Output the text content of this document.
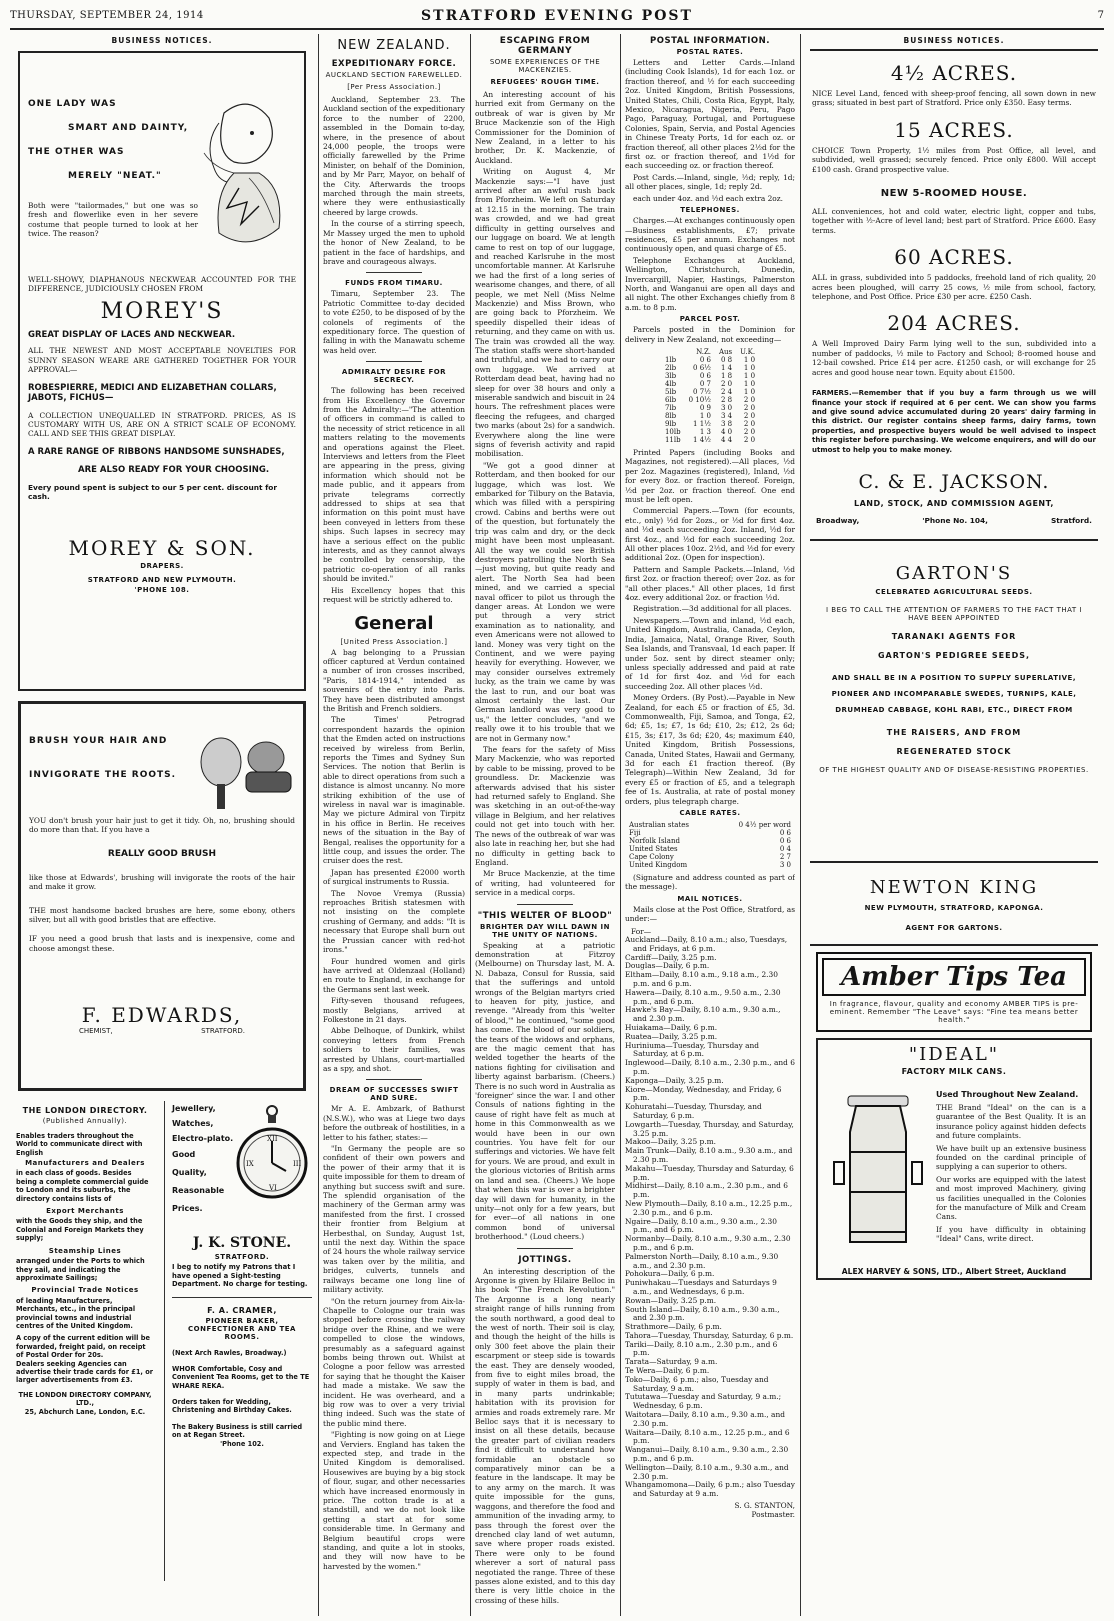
THURSDAY, SEPTEMBER 24, 1914	STRATFORD EVENING POST	7
BUSINESS NOTICES.
ONE LADY WAS
SMART AND DAINTY,
THE OTHER WAS
MERELY "NEAT."
Both were "tailormades," but one was so fresh and flowerlike even in her severe costume that people turned to look at her twice. The reason?
WELL-SHOWY, DIAPHANOUS NECKWEAR ACCOUNTED FOR THE DIFFERENCE, JUDICIOUSLY CHOSEN FROM
MOREY'S
GREAT DISPLAY OF LACES AND NECKWEAR.
ALL THE NEWEST AND MOST ACCEPTABLE NOVELTIES FOR SUNNY SEASON WEARE ARE GATHERED TOGETHER FOR YOUR APPROVAL—
ROBESPIERRE, MEDICI AND ELIZABETHAN COLLARS, JABOTS, FICHUS—
A COLLECTION UNEQUALLED IN STRATFORD. PRICES, AS IS CUSTOMARY WITH US, ARE ON A STRICT SCALE OF ECONOMY. CALL AND SEE THIS GREAT DISPLAY.
A RARE RANGE OF RIBBONS HANDSOME SUNSHADES,
ARE ALSO READY FOR YOUR CHOOSING.
Every pound spent is subject to our 5 per cent. discount for cash.
MOREY & SON.
DRAPERS.
STRATFORD AND NEW PLYMOUTH.
'PHONE 108.
BRUSH YOUR HAIR AND
INVIGORATE THE ROOTS.
YOU don't brush your hair just to get it tidy. Oh, no, brushing should do more than that. If you have a
REALLY GOOD BRUSH
like those at Edwards', brushing will invigorate the roots of the hair and make it grow.
THE most handsome backed brushes are here, some ebony, others silver, but all with good bristles that are effective.
IF you need a good brush that lasts and is inexpensive, come and choose amongst these.
F. EDWARDS,
CHEMIST,	STRATFORD.
THE LONDON DIRECTORY.
(Published Annually).
Enables traders throughout the World to communicate direct with English
Manufacturers and Dealers
in each class of goods. Besides being a complete commercial guide to London and its suburbs, the directory contains lists of
Export Merchants
with the Goods they ship, and the Colonial and Foreign Markets they supply;
Steamship Lines
arranged under the Ports to which they sail, and indicating the approximate Sailings;
Provincial Trade Notices
of leading Manufacturers, Merchants, etc., in the principal provincial towns and industrial centres of the United Kingdom.
A copy of the current edition will be forwarded, freight paid, on receipt of Postal Order for 20s.
Dealers seeking Agencies can advertise their trade cards for £1, or larger advertisements from £3.
THE LONDON DIRECTORY COMPANY, LTD.,
25, Abchurch Lane, London, E.C.
Jewellery,
Watches,
Electro-plato.
Good
Quality,
Reasonable
Prices.
XII
III
VI
IX
J. K. STONE.
STRATFORD.
I beg to notify my Patrons that I have opened a Sight-testing Department. No charge for testing.
F. A. CRAMER,
PIONEER BAKER, CONFECTIONER AND TEA ROOMS.
(Next Arch Rawles, Broadway.)
WHOR Comfortable, Cosy and Convenient Tea Rooms, get to the TE WHARE REKA.
Orders taken for Wedding, Christening and Birthday Cakes.
The Bakery Business is still carried on at Regan Street.
'Phone 102.
NEW ZEALAND.
EXPEDITIONARY FORCE.
AUCKLAND SECTION FAREWELLED.
[Per Press Association.]

Auckland, September 23. The Auckland section of the expeditionary force to the number of 2200, assembled in the Domain to-day, where, in the presence of about 24,000 people, the troops were officially farewelled by the Prime Minister, on behalf of the Dominion, and by Mr Parr, Mayor, on behalf of the City. Afterwards the troops marched through the main streets, where they were enthusiastically cheered by large crowds.

In the course of a stirring speech, Mr Massey urged the men to uphold the honor of New Zealand, to be patient in the face of hardships, and brave and courageous always.

FUNDS FROM TIMARU.

Timaru, September 23. The Patriotic Committee to-day decided to vote £250, to be disposed of by the colonels of regiments of the expeditionary force. The question of falling in with the Manawatu scheme was held over.

ADMIRALTY DESIRE FOR SECRECY.

The following has been received from His Excellency the Governor from the Admiralty:—"The attention of officers in command is called to the necessity of strict reticence in all matters relating to the movements and operations against the Fleet. Interviews and letters from the Fleet are appearing in the press, giving information which should not be made public, and it appears from private telegrams correctly addressed to ships at sea that information on this point must have been conveyed in letters from these ships. Such lapses in secrecy may have a serious effect on the public interests, and as they cannot always be controlled by censorship, the patriotic co-operation of all ranks should be invited."

His Excellency hopes that this request will be strictly adhered to.

General
[United Press Association.]

A bag belonging to a Prussian officer captured at Verdun contained a number of iron crosses inscribed, "Paris, 1814-1914," intended as souvenirs of the entry into Paris. They have been distributed amongst the British and French soldiers.

The Times' Petrograd correspondent hazards the opinion that the Emden acted on instructions received by wireless from Berlin, reports the Times and Sydney Sun Services. The notion that Berlin is able to direct operations from such a distance is almost uncanny. No more striking exhibition of the use of wireless in naval war is imaginable. May we picture Admiral von Tirpitz in his office in Berlin. He receives news of the situation in the Bay of Bengal, realises the opportunity for a little coup, and issues the order. The cruiser does the rest.

Japan has presented £2000 worth of surgical instruments to Russia.

The Novoe Vremya (Russia) reproaches British statesmen with not insisting on the complete crushing of Germany, and adds: "It is necessary that Europe shall burn out the Prussian cancer with red-hot irons."

Four hundred women and girls have arrived at Oldenzaal (Holland) en route to England, in exchange for the Germans sent last week.

Fifty-seven thousand refugees, mostly Belgians, arrived at Folkestone in 21 days.

Abbe Delhoque, of Dunkirk, whilst conveying letters from French soldiers to their families, was arrested by Uhlans, court-martialled as a spy, and shot.

DREAM OF SUCCESSES SWIFT AND SURE.

Mr A. E. Ambzark, of Bathurst (N.S.W.), who was at Liege two days before the outbreak of hostilities, in a letter to his father, states:—

"In Germany the people are so confident of their own powers and the power of their army that it is quite impossible for them to dream of anything but success swift and sure. The splendid organisation of the machinery of the German army was manifested from the first. I crossed their frontier from Belgium at Herbesthal, on Sunday, August 1st, until the next day. Within the space of 24 hours the whole railway service was taken over by the militia, and bridges, culverts, tunnels and railways became one long line of military activity.

"On the return journey from Aix-la-Chapelle to Cologne our train was stopped before crossing the railway bridge over the Rhine, and we were compelled to close the windows, presumably as a safeguard against bombs being thrown out. Whilst at Cologne a poor fellow was arrested for saying that he thought the Kaiser had made a mistake. We saw the incident. He was overheard, and a big row was to over a very trivial thing indeed. Such was the state of the public mind there.

"Fighting is now going on at Liege and Verviers. England has taken the expected step, and trade in the United Kingdom is demoralised. Housewives are buying by a big stock of flour, sugar, and other necessaries which have increased enormously in price. The cotton trade is at a standstill, and we do not look like getting a start at for some considerable time. In Germany and Belgium beautiful crops were standing, and quite a lot in stooks, and they will now have to be harvested by the women."

ESCAPING FROM GERMANY
SOME EXPERIENCES OF THE MACKENZIES.
REFUGEES' ROUGH TIME.

An interesting account of his hurried exit from Germany on the outbreak of war is given by Mr Bruce Mackenzie son of the High Commissioner for the Dominion of New Zealand, in a letter to his brother, Dr. K. Mackenzie, of Auckland.

Writing on August 4, Mr Mackenzie says:—"I have just arrived after an awful rush back from Pforzheim. We left on Saturday at 12.15 in the morning. The train was crowded, and we had great difficulty in getting ourselves and our luggage on board. We at length came to rest on top of our luggage, and reached Karlsruhe in the most uncomfortable manner. At Karlsruhe we had the first of a long series of wearisome changes, and there, of all people, we met Nell (Miss Nelme Mackenzie) and Miss Brown, who are going back to Pforzheim. We speedily dispelled their ideas of returning, and they came on with us. The train was crowded all the way. The station staffs were short-handed and truthful, and we had to carry our own luggage. We arrived at Rotterdam dead beat, having had no sleep for over 38 hours and only a miserable sandwich and biscuit in 24 hours. The refreshment places were fleecing the refugees, and charged two marks (about 2s) for a sandwich. Everywhere along the line were signs of feverish activity and rapid mobilisation.

"We got a good dinner at Rotterdam, and then booked for our luggage, which was lost. We embarked for Tilbury on the Batavia, which was filled with a perspiring crowd. Cabins and berths were out of the question, but fortunately the trip was calm and dry, or the deck might have been most unpleasant. All the way we could see British destroyers patrolling the North Sea—just moving, but quite ready and alert. The North Sea had been mined, and we carried a special naval officer to pilot us through the danger areas. At London we were put through a very strict examination as to nationality, and even Americans were not allowed to land. Money was very tight on the Continent, and we were paying heavily for everything. However, we may consider ourselves extremely lucky, as the train we came by was the last to run, and our boat was almost certainly the last. Our German landlord was very good to us," the letter concludes, "and we really owe it to his trouble that we are not in Germany now."

The fears for the safety of Miss Mary Mackenzie, who was reported by cable to be missing, proved to be groundless. Dr. Mackenzie was afterwards advised that his sister had returned safely to England. She was sketching in an out-of-the-way village in Belgium, and her relatives could not get into touch with her. The news of the outbreak of war was also late in reaching her, but she had no difficulty in getting back to England.

Mr Bruce Mackenzie, at the time of writing, had volunteered for service in a medical corps.

"THIS WELTER OF BLOOD"
BRIGHTER DAY WILL DAWN IN THE UNITY OF NATIONS.

Speaking at a patriotic demonstration at Fitzroy (Melbourne) on Thursday last, M. A. N. Dabaza, Consul for Russia, said that the sufferings and untold wrongs of the Belgian martyrs cried to heaven for pity, justice, and revenge. "Already from this 'welter of blood,'" he continued, "some good has come. The blood of our soldiers, the tears of the widows and orphans, are the magic cement that has welded together the hearts of the nations fighting for civilisation and liberty against barbarism. (Cheers.) There is no such word in Australia as 'foreigner' since the war. I and other Consuls of nations fighting in the cause of right have felt as much at home in this Commonwealth as we would have been in our own countries. You have felt for our sufferings and victories. We have felt for yours. We are proud, and exult in the glorious victories of British arms on land and sea. (Cheers.) We hope that when this war is over a brighter day will dawn for humanity, in the unity—not only for a few years, but for ever—of all nations in one common bond of universal brotherhood." (Loud cheers.)

JOTTINGS.

An interesting description of the Argonne is given by Hilaire Belloc in his book "The French Revolution." The Argonne is a long nearly straight range of hills running from the south northward, a good deal to the west of north. Their soil is clay, and though the height of the hills is only 300 feet above the plain their escarpment or steep side is towards the east. They are densely wooded, from five to eight miles broad, the supply of water in them is bad, and in many parts undrinkable; habitation with its provision for armies and roads extremely rare. Mr Belloc says that it is necessary to insist on all these details, because the greater part of civilian readers find it difficult to understand how formidable an obstacle so comparatively minor can be a feature in the landscape. It may be to any army on the march. It was quite impossible for the guns, waggons, and therefore the food and ammunition of the invading army, to pass through the forest over the drenched clay land of wet autumn, save where proper roads existed. There were only to be found wherever a sort of natural pass negotiated the range. Three of these passes alone existed, and to this day there is very little choice in the crossing of these hills.

POSTAL INFORMATION.
POSTAL RATES.

Letters and Letter Cards.—Inland (including Cook Islands), 1d for each 1oz. or fraction thereof, and ½ for each succeeding 2oz. United Kingdom, British Possessions, United States, Chili, Costa Rica, Egypt, Italy, Mexico, Nicaragua, Nigeria, Peru, Pago Pago, Paraguay, Portugal, and Portuguese Colonies, Spain, Servia, and Postal Agencies in Chinese Treaty Ports, 1d for each oz. or fraction thereof, all other places 2½d for the first oz. or fraction thereof, and 1½d for each succeeding oz. or fraction thereof.

Post Cards.—Inland, single, ½d; reply, 1d; all other places, single, 1d; reply 2d.

each under 4oz. and ½d each extra 2oz.

TELEPHONES.

Charges.—At exchanges continuously open—Business establishments, £7; private residences, £5 per annum. Exchanges not continuously open, and quasi charge of £5.

Telephone Exchanges at Auckland, Wellington, Christchurch, Dunedin, Invercargill, Napier, Hastings, Palmerston North, and Wanganui are open all days and all night. The other Exchanges chiefly from 8 a.m. to 8 p.m.

PARCEL POST.

Parcels posted in the Dominion for delivery in New Zealand, not exceeding—

	N.Z.	Aus	U.K.
1lb	0 6	0 8	1 0
2lb	0 6½	1 4	1 0
3lb	0 6	1 8	1 0
4lb	0 7	2 0	1 0
5lb	0 7½	2 4	1 0
6lb	0 10½	2 8	2 0
7lb	0 9	3 0	2 0
8lb	1 0	3 4	2 0
9lb	1 1½	3 8	2 0
10lb	1 3	4 0	2 0
11lb	1 4½	4 4	2 0

Printed Papers (including Books and Magazines, not registered).—All places, ½d per 2oz. Magazines (registered), Inland, ½d for every 8oz. or fraction thereof. Foreign, ½d per 2oz. or fraction thereof. One end must be left open.

Commercial Papers.—Town (for ecounts, etc., only) ½d for 2ozs., or ½d for first 4oz. and ½d each succeeding 2oz. Inland, ½d for first 4oz., and ½d for each succeeding 2oz. All other places 10oz. 2½d, and ½d for every additional 2oz. (Open for inspection).

Pattern and Sample Packets.—Inland, ½d first 2oz. or fraction thereof; over 2oz. as for "all other places." All other places, 1d first 4oz. every additional 2oz. or fraction ½d.

Registration.—3d additional for all places.

Newspapers.—Town and inland, ½d each, United Kingdom, Australia, Canada, Ceylon, India, Jamaica, Natal, Orange River, South Sea Islands, and Transvaal, 1d each paper. If under 5oz. sent by direct steamer only; unless specially addressed and paid at rate of 1d for first 4oz. and ½d for each succeeding 2oz. All other places ½d.

Money Orders. (By Post).—Payable in New Zealand, for each £5 or fraction of £5, 3d. Commonwealth, Fiji, Samoa, and Tonga, £2, 6d; £5, 1s; £7, 1s 6d; £10, 2s; £12, 2s 6d; £15, 3s; £17, 3s 6d; £20, 4s; maximum £40, United Kingdom, British Possessions, Canada, United States, Hawaii and Germany, 3d for each £1 fraction thereof. (By Telegraph)—Within New Zealand, 3d for every £5 or fraction of £5, and a telegraph fee of 1s. Australia, at rate of postal money orders, plus telegraph charge.

CABLE RATES.
Australian states	0 4½ per word
Fiji	0 6
Norfolk Island	0 6
United States	0 4
Cape Colony	2 7
United Kingdom	3 0

(Signature and address counted as part of the message).

MAIL NOTICES.

Mails close at the Post Office, Stratford, as under:—

For—
Auckland—Daily, 8.10 a.m.; also, Tuesdays, and Fridays, at 6 p.m.
Cardiff—Daily, 3.25 p.m.
Douglas—Daily, 6 p.m.
Eltham—Daily, 8.10 a.m., 9.18 a.m., 2.30 p.m. and 6 p.m.
Hawera—Daily, 8.10 a.m., 9.50 a.m., 2.30 p.m., and 6 p.m.
Hawke's Bay—Daily, 8.10 a.m., 9.30 a.m., and 2.30 p.m.
Huiakama—Daily, 6 p.m.
Ruatea—Daily, 3.25 p.m.
Huriniuma—Tuesday, Thursday and Saturday, at 6 p.m.
Inglewood—Daily, 8.10 a.m., 2.30 p.m., and 6 p.m.
Kaponga—Daily, 3.25 p.m.
Kiore—Monday, Wednesday, and Friday, 6 p.m.
Kohuratahi—Tuesday, Thursday, and Saturday, 6 p.m.
Lowgarth—Tuesday, Thursday, and Saturday, 3.25 p.m.
Makoo—Daily, 3.25 p.m.
Main Trunk—Daily, 8.10 a.m., 9.30 a.m., and 2.30 p.m.
Makahu—Tuesday, Thursday and Saturday, 6 p.m.
Midhirst—Daily, 8.10 a.m., 2.30 p.m., and 6 p.m.
New Plymouth—Daily, 8.10 a.m., 12.25 p.m., 2.30 p.m., and 6 p.m.
Ngaire—Daily, 8.10 a.m., 9.30 a.m., 2.30 p.m., and 6 p.m.
Normanby—Daily, 8.10 a.m., 9.30 a.m., 2.30 p.m., and 6 p.m.
Palmerston North—Daily, 8.10 a.m., 9.30 a.m., and 2.30 p.m.
Pohokura—Daily, 6 p.m.
Puniwhakau—Tuesdays and Saturdays 9 a.m., and Wednesdays, 6 p.m.
Rowan—Daily, 3.25 p.m.
South Island—Daily, 8.10 a.m., 9.30 a.m., and 2.30 p.m.
Strathmore—Daily, 6 p.m.
Tahora—Tuesday, Thursday, Saturday, 6 p.m.
Tariki—Daily, 8.10 a.m., 2.30 p.m., and 6 p.m.
Tarata—Saturday, 9 a.m.
Te Wera—Daily, 6 p.m.
Toko—Daily, 6 p.m.; also, Tuesday and Saturday, 9 a.m.
Tututawa—Tuesday and Saturday, 9 a.m.; Wednesday, 6 p.m.
Waitotara—Daily, 8.10 a.m., 9.30 a.m., and 2.30 p.m.
Waitara—Daily, 8.10 a.m., 12.25 p.m., and 6 p.m.
Wanganui—Daily, 8.10 a.m., 9.30 a.m., 2.30 p.m., and 6 p.m.
Wellington—Daily, 8.10 a.m., 9.30 a.m., and 2.30 p.m.
Whangamomona—Daily, 6 p.m.; also Tuesday and Saturday at 9 a.m.
S. G. STANTON,
Postmaster.
BUSINESS NOTICES.
4½ ACRES.
NICE Level Land, fenced with sheep-proof fencing, all sown down in new grass; situated in best part of Stratford. Price only £350. Easy terms.
15 ACRES.
CHOICE Town Property, 1½ miles from Post Office, all level, and subdivided, well grassed; securely fenced. Price only £800. Will accept £100 cash. Grand prospective value.
NEW 5-ROOMED HOUSE.
ALL conveniences, hot and cold water, electric light, copper and tubs, together with ½-Acre of level land; best part of Stratford. Price £600. Easy terms.
60 ACRES.
ALL in grass, subdivided into 5 paddocks, freehold land of rich quality, 20 acres been ploughed, will carry 25 cows, ½ mile from school, factory, telephone, and Post Office. Price £30 per acre. £250 Cash.
204 ACRES.
A Well Improved Dairy Farm lying well to the sun, subdivided into a number of paddocks, ½ mile to Factory and School; 8-roomed house and 12-bail cowshed. Price £14 per acre. £1250 cash, or will exchange for 25 acres and good house near town. Equity about £1500.
FARMERS.—Remember that if you buy a farm through us we will finance your stock if required at 6 per cent. We can show you farms and give sound advice accumulated during 20 years' dairy farming in this district. Our register contains sheep farms, dairy farms, town properties, and prospective buyers would be well advised to inspect this register before purchasing. We welcome enquirers, and will do our utmost to help you to make money.
C. & E. JACKSON.
LAND, STOCK, AND COMMISSION AGENT,
Broadway,	'Phone No. 104,	Stratford.
GARTON'S
CELEBRATED AGRICULTURAL SEEDS.
I BEG TO CALL THE ATTENTION OF FARMERS TO THE FACT THAT I HAVE BEEN APPOINTED
TARANAKI AGENTS FOR
GARTON'S PEDIGREE SEEDS,
AND SHALL BE IN A POSITION TO SUPPLY SUPERLATIVE, PIONEER AND INCOMPARABLE SWEDES, TURNIPS, KALE, DRUMHEAD CABBAGE, KOHL RABI, ETC., DIRECT FROM
THE RAISERS, AND FROM
REGENERATED STOCK
OF THE HIGHEST QUALITY AND OF DISEASE-RESISTING PROPERTIES.
NEWTON KING
NEW PLYMOUTH, STRATFORD, KAPONGA.
AGENT FOR GARTONS.
Amber Tips Tea
In fragrance, flavour, quality and economy AMBER TIPS is pre-eminent. Remember "The Leave" says: "Fine tea means better health."
"IDEAL"
FACTORY MILK CANS.
Used Throughout New Zealand.
THE Brand "Ideal" on the can is a guarantee of the Best Quality. It is an insurance policy against hidden defects and future complaints.
We have built up an extensive business founded on the cardinal principle of supplying a can superior to others.
Our works are equipped with the latest and most improved Machinery, giving us facilities unequalled in the Colonies for the manufacture of Milk and Cream Cans.
If you have difficulty in obtaining "Ideal" Cans, write direct.
ALEX HARVEY & SONS, LTD., Albert Street, Auckland
